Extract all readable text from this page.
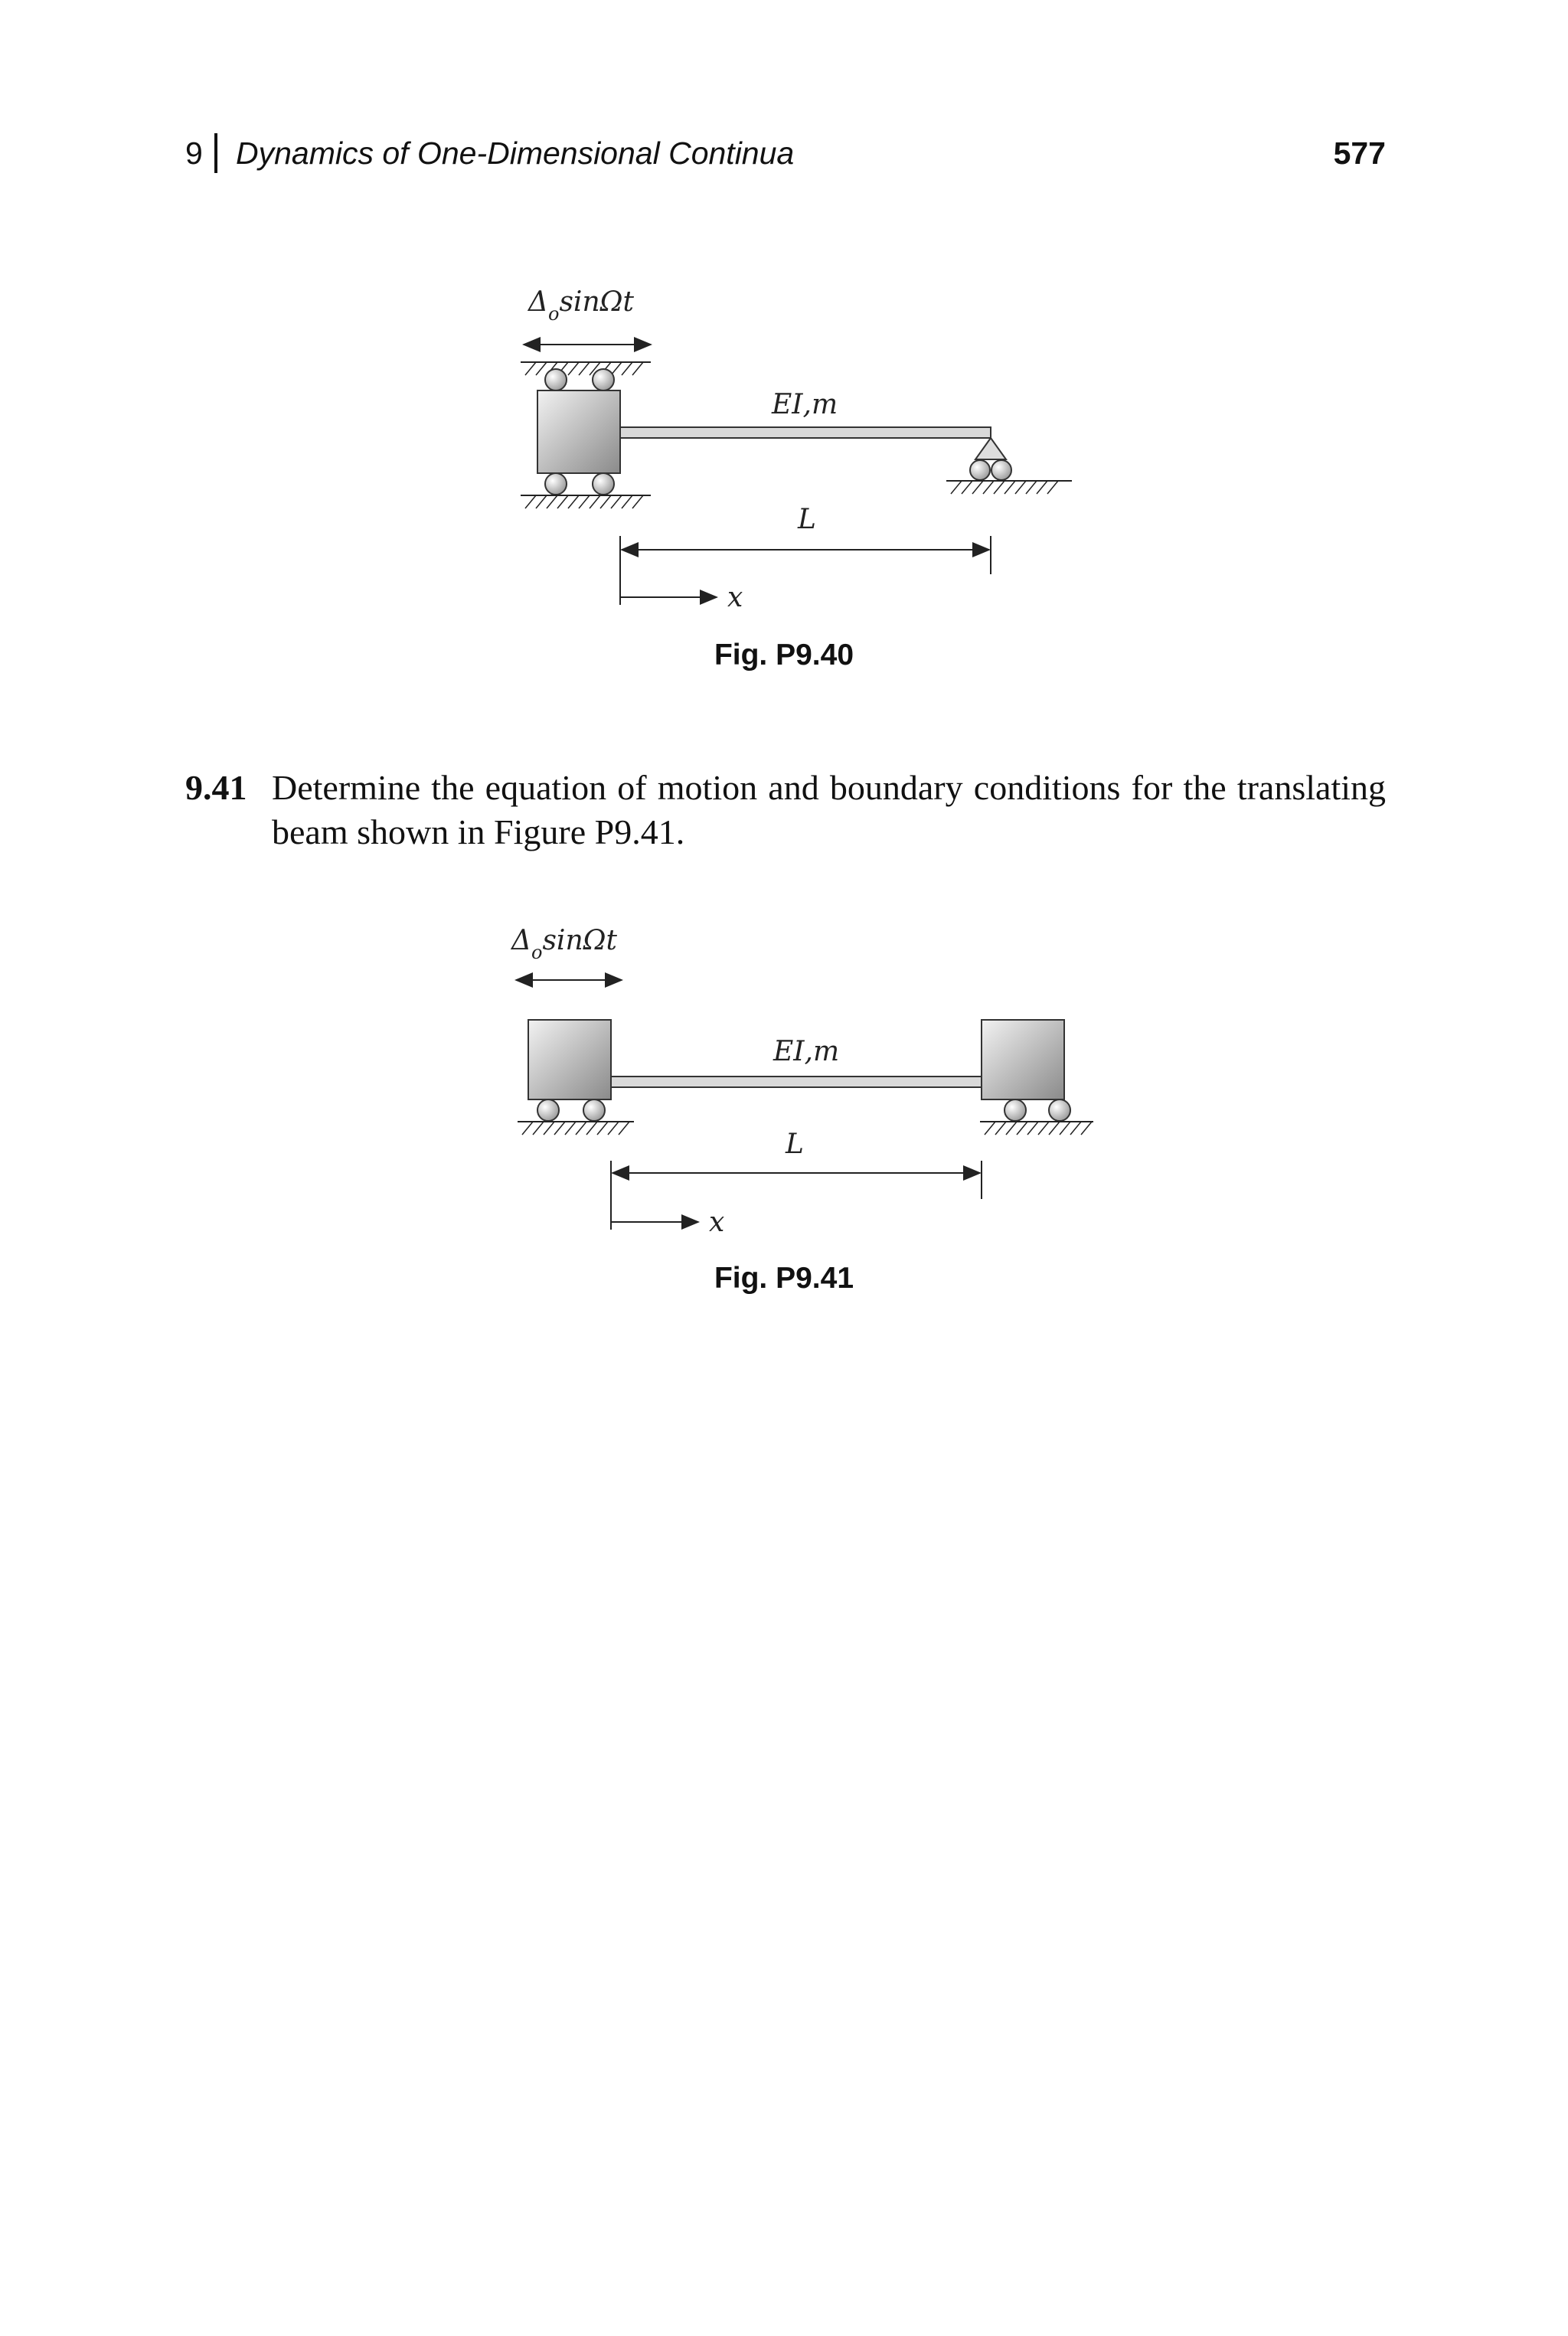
9 Dynamics of One-Dimensional Continua	577
$\Delta_o\sin\Omega t$
EI,m
L
x
Fig. P9.40
9.41 Determine the equation of motion and boundary conditions for the translating beam shown in Figure P9.41.
$\Delta_o\sin\Omega t$
EI,m
L
x
Fig. P9.41
